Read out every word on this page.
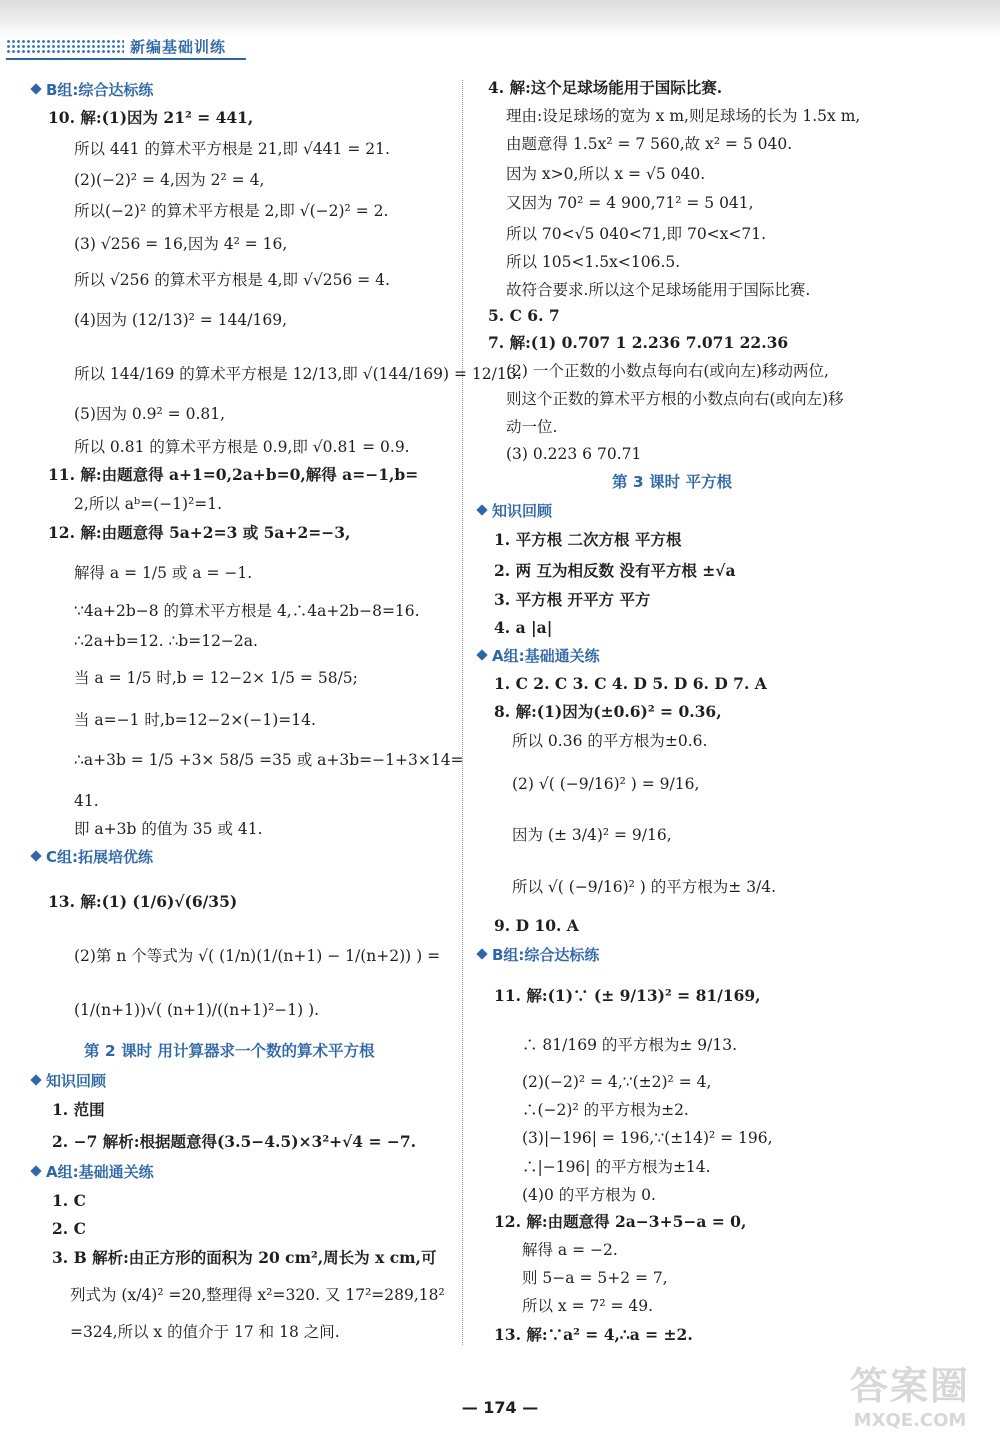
新编基础训练
B组:综合达标练
10. 解:(1)因为 21² = 441,
所以 441 的算术平方根是 21,即 √441 = 21.
(2)(−2)² = 4,因为 2² = 4,
所以(−2)² 的算术平方根是 2,即 √(−2)² = 2.
(3) √256 = 16,因为 4² = 16,
所以 √256 的算术平方根是 4,即 √√256 = 4.
(4)因为 (12/13)² = 144/169,
所以 144/169 的算术平方根是 12/13,即 √(144/169) = 12/13.
(5)因为 0.9² = 0.81,
所以 0.81 的算术平方根是 0.9,即 √0.81 = 0.9.
11. 解:由题意得 a+1=0,2a+b=0,解得 a=−1,b=
2,所以 aᵇ=(−1)²=1.
12. 解:由题意得 5a+2=3 或 5a+2=−3,
解得 a = 1/5 或 a = −1.
∵4a+2b−8 的算术平方根是 4,∴4a+2b−8=16.
∴2a+b=12. ∴b=12−2a.
当 a = 1/5 时,b = 12−2× 1/5 = 58/5;
当 a=−1 时,b=12−2×(−1)=14.
∴a+3b = 1/5 +3× 58/5 =35 或 a+3b=−1+3×14=
41.
即 a+3b 的值为 35 或 41.
C组:拓展培优练
13. 解:(1) (1/6)√(6/35)
(2)第 n 个等式为 √( (1/n)(1/(n+1) − 1/(n+2)) ) =
(1/(n+1))√( (n+1)/((n+1)²−1) ).
第 2 课时 用计算器求一个数的算术平方根
知识回顾
1. 范围
2. −7 解析:根据题意得(3.5−4.5)×3²+√4 = −7.
A组:基础通关练
1. C
2. C
3. B 解析:由正方形的面积为 20 cm²,周长为 x cm,可
列式为 (x/4)² =20,整理得 x²=320. 又 17²=289,18²
=324,所以 x 的值介于 17 和 18 之间.
4. 解:这个足球场能用于国际比赛.
理由:设足球场的宽为 x m,则足球场的长为 1.5x m,
由题意得 1.5x² = 7 560,故 x² = 5 040.
因为 x>0,所以 x = √5 040.
又因为 70² = 4 900,71² = 5 041,
所以 70<√5 040<71,即 70<x<71.
所以 105<1.5x<106.5.
故符合要求.所以这个足球场能用于国际比赛.
5. C 6. 7
7. 解:(1) 0.707 1 2.236 7.071 22.36
(2) 一个正数的小数点每向右(或向左)移动两位,
则这个正数的算术平方根的小数点向右(或向左)移
动一位.
(3) 0.223 6 70.71
第 3 课时 平方根
知识回顾
1. 平方根 二次方根 平方根
2. 两 互为相反数 没有平方根 ±√a
3. 平方根 开平方 平方
4. a |a|
A组:基础通关练
1. C 2. C 3. C 4. D 5. D 6. D 7. A
8. 解:(1)因为(±0.6)² = 0.36,
所以 0.36 的平方根为±0.6.
(2) √( (−9/16)² ) = 9/16,
因为 (± 3/4)² = 9/16,
所以 √( (−9/16)² ) 的平方根为± 3/4.
9. D 10. A
B组:综合达标练
11. 解:(1)∵ (± 9/13)² = 81/169,
∴ 81/169 的平方根为± 9/13.
(2)(−2)² = 4,∵(±2)² = 4,
∴(−2)² 的平方根为±2.
(3)|−196| = 196,∵(±14)² = 196,
∴|−196| 的平方根为±14.
(4)0 的平方根为 0.
12. 解:由题意得 2a−3+5−a = 0,
解得 a = −2.
则 5−a = 5+2 = 7,
所以 x = 7² = 49.
13. 解:∵a² = 4,∴a = ±2.
— 174 —	答案圈
MXQE.COM
